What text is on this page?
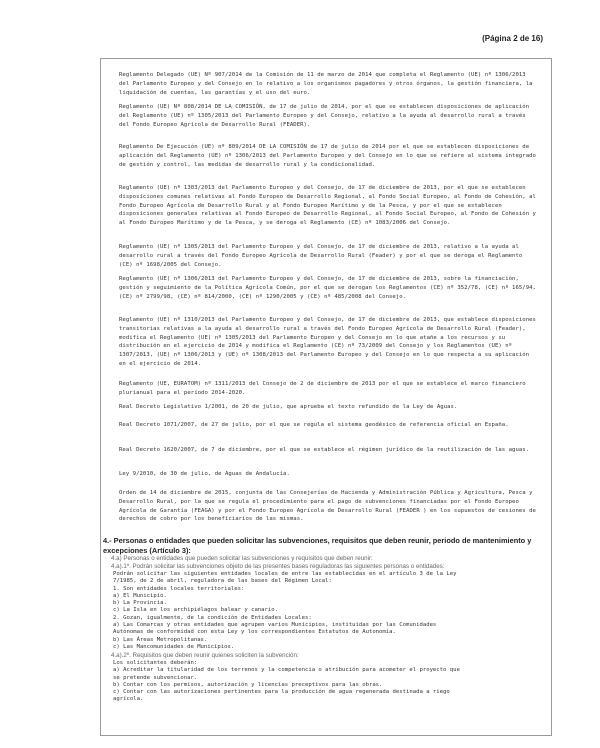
(Página 2 de 16)

Reglamento Delegado (UE) Nº 907/2014 de la Comisión de 11 de marzo de 2014 que completa el Reglamento (UE) nº 1306/2013 del Parlamento Europeo y del Consejo en lo relativo a los organismos pagadores y otros órganos, la gestión financiera, la liquidación de cuentas, las garantías y el uso del euro.

Reglamento (UE) Nº 808/2014 DE LA COMISIÓN, de 17 de julio de 2014, por el que se establecen disposiciones de aplicación del Reglamento (UE) nº 1305/2013 del Parlamento Europeo y del Consejo, relativo a la ayuda al desarrollo rural a través del Fondo Europeo Agrícola de Desarrollo Rural (FEADER).

Reglamento De Ejecución (UE) nº 809/2014 DE LA COMISIÓN de 17 de julio de 2014 por el que se establecen disposiciones de aplicación del Reglamento (UE) nº 1306/2013 del Parlamento Europeo y del Consejo en lo que se refiere al sistema integrado de gestión y control, las medidas de desarrollo rural y la condicionalidad.

Reglamento (UE) nº 1303/2013 del Parlamento Europeo y del Consejo, de 17 de diciembre de 2013, por el que se establecen disposiciones comunes relativas al Fondo Europeo de Desarrollo Regional, al Fondo Social Europeo, al Fondo de Cohesión, al Fondo Europeo Agrícola de Desarrollo Rural y al Fondo Europeo Marítimo y de la Pesca, y por el que se establecen disposiciones generales relativas al Fondo Europeo de Desarrollo Regional, al Fondo Social Europeo, al Fondo de Cohesión y al Fondo Europeo Marítimo y de la Pesca, y se deroga el Reglamento (CE) nº 1083/2006 del Consejo.

Reglamento (UE) nº 1305/2013 del Parlamento Europeo y del Consejo, de 17 de diciembre de 2013, relativo a la ayuda al desarrollo rural a través del Fondo Europeo Agrícola de Desarrollo Rural (Feader) y por el que se deroga el Reglamento (CE) nº 1698/2005 del Consejo.

Reglamento (UE) nº 1306/2013 del Parlamento Europeo y del Consejo, de 17 de diciembre de 2013, sobre la financiación, gestión y seguimiento de la Política Agrícola Común, por el que se derogan los Reglamentos (CE) nº 352/78, (CE) nº 165/94, (CE) nº 2799/98, (CE) nº 814/2000, (CE) nº 1290/2005 y (CE) nº 485/2008 del Consejo.

Reglamento (UE) nº 1310/2013 del Parlamento Europeo y del Consejo, de 17 de diciembre de 2013, que establece disposiciones transitorias relativas a la ayuda al desarrollo rural a través del Fondo Europeo Agrícola de Desarrollo Rural (Feader), modifica el Reglamento (UE) nº 1305/2013 del Parlamento Europeo y del Consejo en lo que atañe a los recursos y su distribución en el ejercicio de 2014 y modifica el Reglamento (CE) nº 73/2009 del Consejo y los Reglamentos (UE) nº 1307/2013, (UE) nº 1306/2013 y (UE) nº 1308/2013 del Parlamento Europeo y del Consejo en lo que respecta a su aplicación en el ejercicio de 2014.

Reglamento (UE, EURATOM) nº 1311/2013 del Consejo de 2 de diciembre de 2013 por el que se establece el marco financiero plurianual para el período 2014-2020.

Real Decreto Legislativo 1/2001, de 20 de julio, que aprueba el texto refundido de la Ley de Aguas.

Real Decreto 1071/2007, de 27 de julio, por el que se regula el sistema geodésico de referencia oficial en España.

Real Decreto 1620/2007, de 7 de diciembre, por el que se establece el régimen jurídico de la reutilización de las aguas.

Ley 9/2010, de 30 de julio, de Aguas de Andalucía.

Orden de 14 de diciembre de 2015, conjunta de las Consejerías de Hacienda y Administración Pública y Agricultura, Pesca y Desarrollo Rural, por la que se regula el procedimiento para el pago de subvenciones financiadas por el Fondo Europeo Agrícola de Garantía (FEAGA) y por el Fondo Europeo Agrícola de Desarrollo Rural (FEADER ) en los supuestos de cesiones de derechos de cobro por los beneficiarios de las mismas.

4.- Personas o entidades que pueden solicitar las subvenciones, requisitos que deben reunir, periodo de mantenimiento y excepciones (Artículo 3):

4.a) Personas o entidades que pueden solicitar las subvenciones y requisitos que deben reunir:

4.a).1º. Podrán solicitar las subvenciones objeto de las presentes bases reguladoras las siguientes personas o entidades:

Podrán solicitar las siguientes entidades locales de entre las establecidas en el artículo 3 de la Ley
7/1985, de 2 de abril, reguladora de las bases del Régimen Local:
1. Son entidades locales territoriales:
a) El Municipio.
b) La Provincia.
c) La Isla en los archipiélagos balear y canario.
2. Gozan, igualmente, de la condición de Entidades Locales:
a) Las Comarcas y otras entidades que agrupen varios Municipios, instituidas por las Comunidades
Autónomas de conformidad con esta Ley y los correspondientes Estatutos de Autonomía.
b) Las Áreas Metropolitanas.
c) Las Mancomunidades de Municipios.

4.a).2º. Requisitos que deben reunir quienes soliciten la subvención:

Los solicitantes deberán:
a) Acreditar la titularidad de los terrenos y la competencia o atribución para acometer el proyecto que
se pretende subvencionar.
b) Contar con los permisos, autorización y licencias preceptivos para las obras.
c) Contar con las autorizaciones pertinentes para la producción de agua regenerada destinada a riego
agrícola.
